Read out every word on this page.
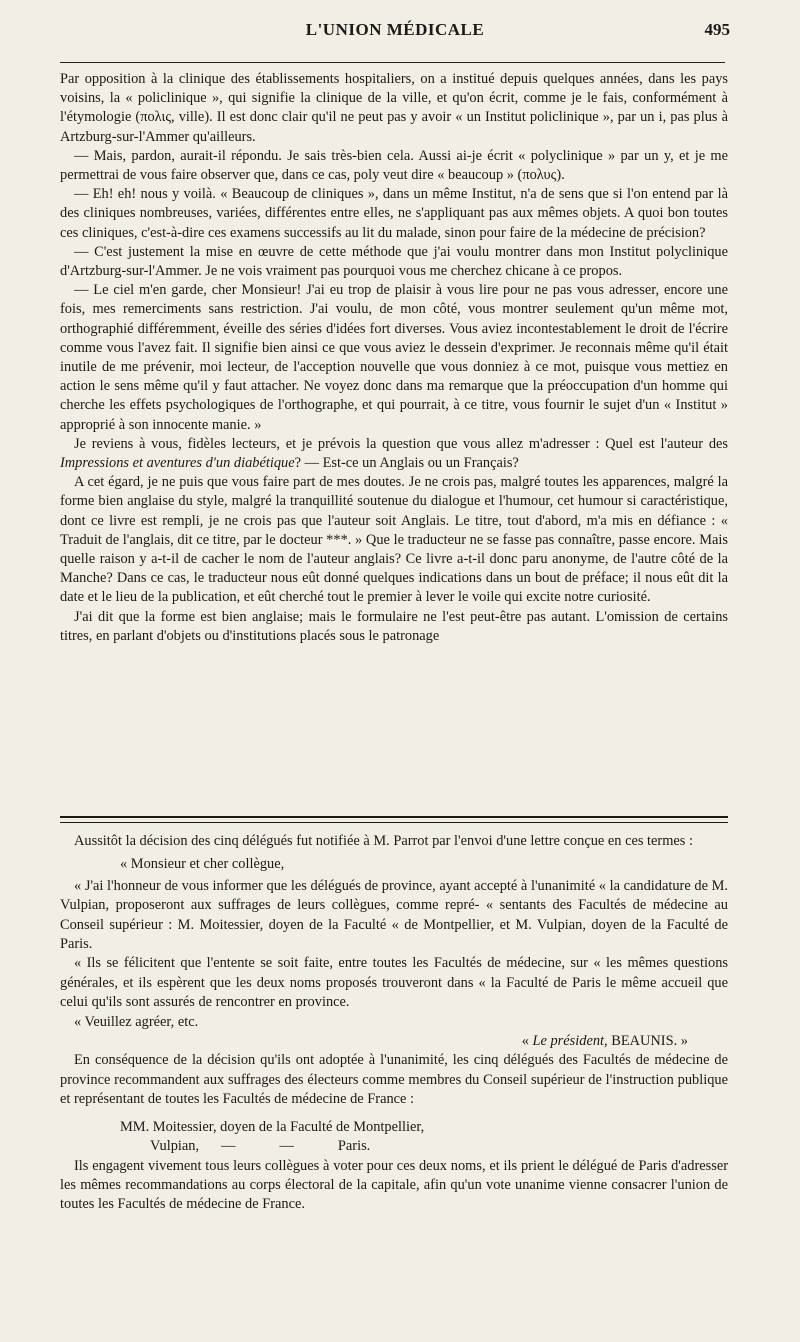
L'UNION MÉDICALE	495

Par opposition à la clinique des établissements hospitaliers, on a institué depuis quelques années, dans les pays voisins, la « policlinique », qui signifie la clinique de la ville, et qu'on écrit, comme je le fais, conformément à l'étymologie (πολις, ville). Il est donc clair qu'il ne peut pas y avoir « un Institut policlinique », par un i, pas plus à Artzburg-sur-l'Ammer qu'ailleurs.

— Mais, pardon, aurait-il répondu. Je sais très-bien cela. Aussi ai-je écrit « polyclinique » par un y, et je me permettrai de vous faire observer que, dans ce cas, poly veut dire « beaucoup » (πολυς).

— Eh! eh! nous y voilà. « Beaucoup de cliniques », dans un même Institut, n'a de sens que si l'on entend par là des cliniques nombreuses, variées, différentes entre elles, ne s'appliquant pas aux mêmes objets. A quoi bon toutes ces cliniques, c'est-à-dire ces examens successifs au lit du malade, sinon pour faire de la médecine de précision?

— C'est justement la mise en œuvre de cette méthode que j'ai voulu montrer dans mon Institut polyclinique d'Artzburg-sur-l'Ammer. Je ne vois vraiment pas pourquoi vous me cherchez chicane à ce propos.

— Le ciel m'en garde, cher Monsieur! J'ai eu trop de plaisir à vous lire pour ne pas vous adresser, encore une fois, mes remerciments sans restriction. J'ai voulu, de mon côté, vous montrer seulement qu'un même mot, orthographié différemment, éveille des séries d'idées fort diverses. Vous aviez incontestablement le droit de l'écrire comme vous l'avez fait. Il signifie bien ainsi ce que vous aviez le dessein d'exprimer. Je reconnais même qu'il était inutile de me prévenir, moi lecteur, de l'acception nouvelle que vous donniez à ce mot, puisque vous mettiez en action le sens même qu'il y faut attacher. Ne voyez donc dans ma remarque que la préoccupation d'un homme qui cherche les effets psychologiques de l'orthographe, et qui pourrait, à ce titre, vous fournir le sujet d'un « Institut » approprié à son innocente manie. »

Je reviens à vous, fidèles lecteurs, et je prévois la question que vous allez m'adresser : Quel est l'auteur des Impressions et aventures d'un diabétique? — Est-ce un Anglais ou un Français?

A cet égard, je ne puis que vous faire part de mes doutes. Je ne crois pas, malgré toutes les apparences, malgré la forme bien anglaise du style, malgré la tranquillité soutenue du dialogue et l'humour, cet humour si caractéristique, dont ce livre est rempli, je ne crois pas que l'auteur soit Anglais. Le titre, tout d'abord, m'a mis en défiance : « Traduit de l'anglais, dit ce titre, par le docteur ***. » Que le traducteur ne se fasse pas connaître, passe encore. Mais quelle raison y a-t-il de cacher le nom de l'auteur anglais? Ce livre a-t-il donc paru anonyme, de l'autre côté de la Manche? Dans ce cas, le traducteur nous eût donné quelques indications dans un bout de préface; il nous eût dit la date et le lieu de la publication, et eût cherché tout le premier à lever le voile qui excite notre curiosité.

J'ai dit que la forme est bien anglaise; mais le formulaire ne l'est peut-être pas autant. L'omission de certains titres, en parlant d'objets ou d'institutions placés sous le patronage

Aussitôt la décision des cinq délégués fut notifiée à M. Parrot par l'envoi d'une lettre conçue en ces termes :

« Monsieur et cher collègue,

« J'ai l'honneur de vous informer que les délégués de province, ayant accepté à l'unanimité « la candidature de M. Vulpian, proposeront aux suffrages de leurs collègues, comme repré- « sentants des Facultés de médecine au Conseil supérieur : M. Moitessier, doyen de la Faculté « de Montpellier, et M. Vulpian, doyen de la Faculté de Paris.

« Ils se félicitent que l'entente se soit faite, entre toutes les Facultés de médecine, sur « les mêmes questions générales, et ils espèrent que les deux noms proposés trouveront dans « la Faculté de Paris le même accueil que celui qu'ils sont assurés de rencontrer en province.

« Veuillez agréer, etc.

« Le président, BEAUNIS. »

En conséquence de la décision qu'ils ont adoptée à l'unanimité, les cinq délégués des Facultés de médecine de province recommandent aux suffrages des électeurs comme membres du Conseil supérieur de l'instruction publique et représentant de toutes les Facultés de médecine de France :

MM. Moitessier, doyen de la Faculté de Montpellier,

Vulpian, —	—	Paris.

Ils engagent vivement tous leurs collègues à voter pour ces deux noms, et ils prient le délégué de Paris d'adresser les mêmes recommandations au corps électoral de la capitale, afin qu'un vote unanime vienne consacrer l'union de toutes les Facultés de médecine de France.
